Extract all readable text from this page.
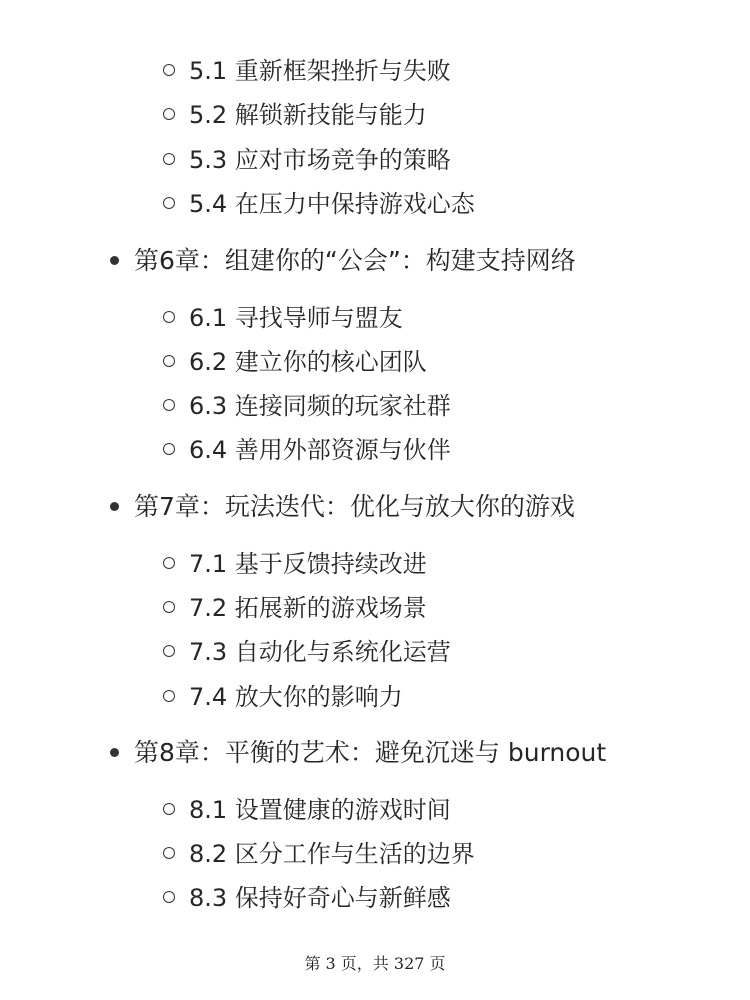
5.1 重新框架挫折与失败
5.2 解锁新技能与能力
5.3 应对市场竞争的策略
5.4 在压力中保持游戏心态
第6章：组建你的“公会”：构建支持网络
6.1 寻找导师与盟友
6.2 建立你的核心团队
6.3 连接同频的玩家社群
6.4 善用外部资源与伙伴
第7章：玩法迭代：优化与放大你的游戏
7.1 基于反馈持续改进
7.2 拓展新的游戏场景
7.3 自动化与系统化运营
7.4 放大你的影响力
第8章：平衡的艺术：避免沉迷与 burnout
8.1 设置健康的游戏时间
8.2 区分工作与生活的边界
8.3 保持好奇心与新鲜感
第 3 页，共 327 页
